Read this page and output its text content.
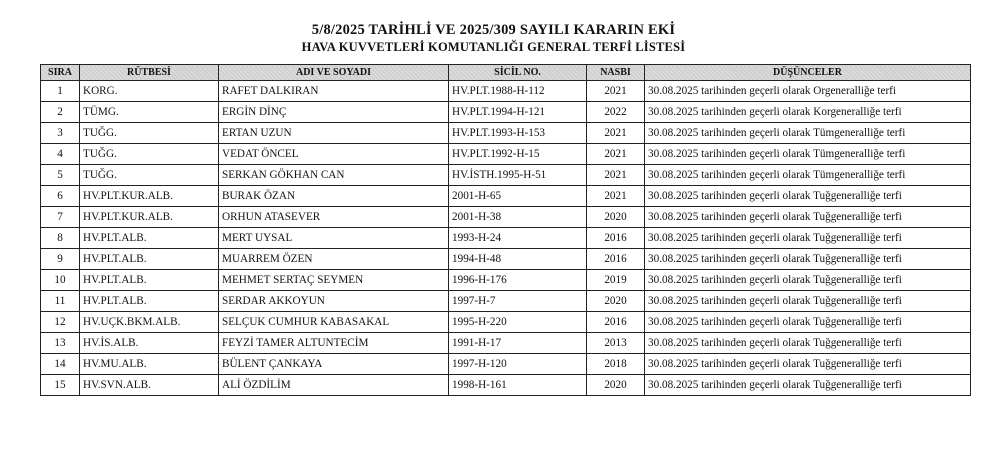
5/8/2025 TARİHLİ VE 2025/309 SAYILI KARARIN EKİ
HAVA KUVVETLERİ KOMUTANLIĞI GENERAL TERFİ LİSTESİ
SIRA	RÜTBESİ	ADI VE SOYADI	SİCİL NO.	NASBI	DÜŞÜNCELER
1	KORG.	RAFET DALKIRAN	HV.PLT.1988-H-112	2021	30.08.2025 tarihinden geçerli olarak Orgeneralliğe terfi
2	TÜMG.	ERGİN DİNÇ	HV.PLT.1994-H-121	2022	30.08.2025 tarihinden geçerli olarak Korgeneralliğe terfi
3	TUĞG.	ERTAN UZUN	HV.PLT.1993-H-153	2021	30.08.2025 tarihinden geçerli olarak Tümgeneralliğe terfi
4	TUĞG.	VEDAT ÖNCEL	HV.PLT.1992-H-15	2021	30.08.2025 tarihinden geçerli olarak Tümgeneralliğe terfi
5	TUĞG.	SERKAN GÖKHAN CAN	HV.İSTH.1995-H-51	2021	30.08.2025 tarihinden geçerli olarak Tümgeneralliğe terfi
6	HV.PLT.KUR.ALB.	BURAK ÖZAN	2001-H-65	2021	30.08.2025 tarihinden geçerli olarak Tuğgeneralliğe terfi
7	HV.PLT.KUR.ALB.	ORHUN ATASEVER	2001-H-38	2020	30.08.2025 tarihinden geçerli olarak Tuğgeneralliğe terfi
8	HV.PLT.ALB.	MERT UYSAL	1993-H-24	2016	30.08.2025 tarihinden geçerli olarak Tuğgeneralliğe terfi
9	HV.PLT.ALB.	MUARREM ÖZEN	1994-H-48	2016	30.08.2025 tarihinden geçerli olarak Tuğgeneralliğe terfi
10	HV.PLT.ALB.	MEHMET SERTAÇ SEYMEN	1996-H-176	2019	30.08.2025 tarihinden geçerli olarak Tuğgeneralliğe terfi
11	HV.PLT.ALB.	SERDAR AKKOYUN	1997-H-7	2020	30.08.2025 tarihinden geçerli olarak Tuğgeneralliğe terfi
12	HV.UÇK.BKM.ALB.	SELÇUK CUMHUR KABASAKAL	1995-H-220	2016	30.08.2025 tarihinden geçerli olarak Tuğgeneralliğe terfi
13	HV.İS.ALB.	FEYZİ TAMER ALTUNTECİM	1991-H-17	2013	30.08.2025 tarihinden geçerli olarak Tuğgeneralliğe terfi
14	HV.MU.ALB.	BÜLENT ÇANKAYA	1997-H-120	2018	30.08.2025 tarihinden geçerli olarak Tuğgeneralliğe terfi
15	HV.SVN.ALB.	ALİ ÖZDİLİM	1998-H-161	2020	30.08.2025 tarihinden geçerli olarak Tuğgeneralliğe terfi
